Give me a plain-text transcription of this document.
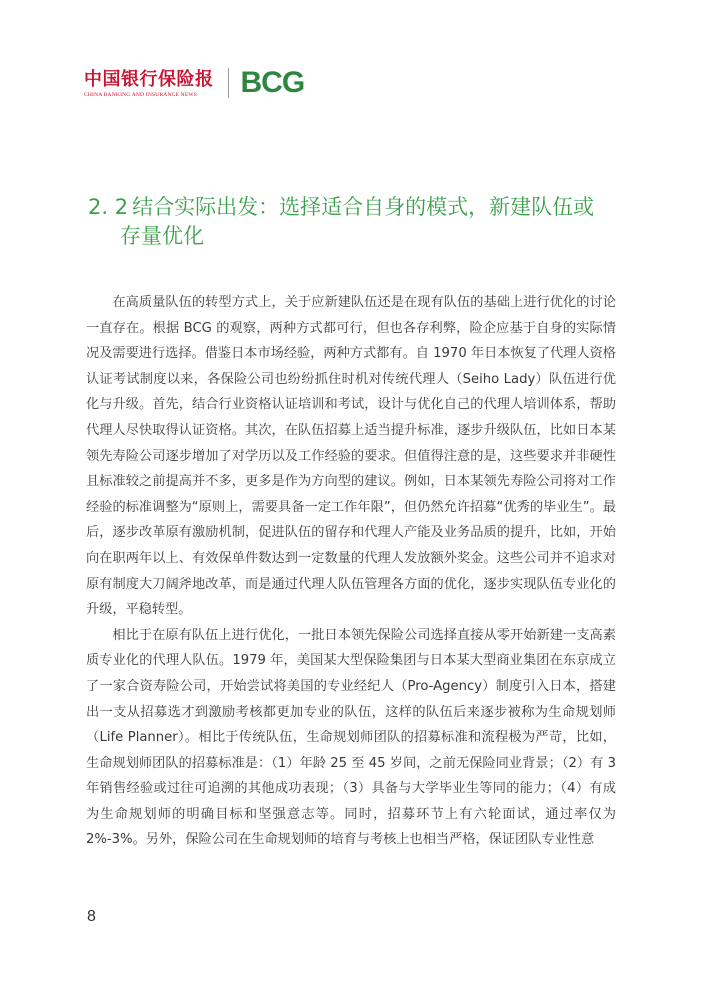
中国银行保险报
CHINA BANKING AND INSURANCE NEWS	BCG
2. 2 结合实际出发：选择适合自身的模式，新建队伍或
存量优化

在高质量队伍的转型方式上，关于应新建队伍还是在现有队伍的基础上进行优化的讨论一直存在。根据 BCG 的观察，两种方式都可行，但也各存利弊，险企应基于自身的实际情况及需要进行选择。借鉴日本市场经验，两种方式都有。自 1970 年日本恢复了代理人资格认证考试制度以来，各保险公司也纷纷抓住时机对传统代理人（Seiho Lady）队伍进行优化与升级。首先，结合行业资格认证培训和考试，设计与优化自己的代理人培训体系，帮助代理人尽快取得认证资格。其次，在队伍招募上适当提升标准，逐步升级队伍，比如日本某领先寿险公司逐步增加了对学历以及工作经验的要求。但值得注意的是，这些要求并非硬性且标准较之前提高并不多，更多是作为方向型的建议。例如，日本某领先寿险公司将对工作经验的标准调整为“原则上，需要具备一定工作年限”，但仍然允许招募“优秀的毕业生”。最后，逐步改革原有激励机制，促进队伍的留存和代理人产能及业务品质的提升，比如，开始向在职两年以上、有效保单件数达到一定数量的代理人发放额外奖金。这些公司并不追求对原有制度大刀阔斧地改革，而是通过代理人队伍管理各方面的优化，逐步实现队伍专业化的升级，平稳转型。

相比于在原有队伍上进行优化，一批日本领先保险公司选择直接从零开始新建一支高素质专业化的代理人队伍。1979 年，美国某大型保险集团与日本某大型商业集团在东京成立了一家合资寿险公司，开始尝试将美国的专业经纪人（Pro-Agency）制度引入日本，搭建出一支从招募选才到激励考核都更加专业的队伍，这样的队伍后来逐步被称为生命规划师（Life Planner）。相比于传统队伍，生命规划师团队的招募标准和流程极为严苛，比如，生命规划师团队的招募标准是：（1）年龄 25 至 45 岁间，之前无保险同业背景；（2）有 3 年销售经验或过往可追溯的其他成功表现；（3）具备与大学毕业生等同的能力；（4）有成为生命规划师的明确目标和坚强意志等。同时，招募环节上有六轮面试，通过率仅为 2%-3%。另外，保险公司在生命规划师的培育与考核上也相当严格，保证团队专业性意

8
